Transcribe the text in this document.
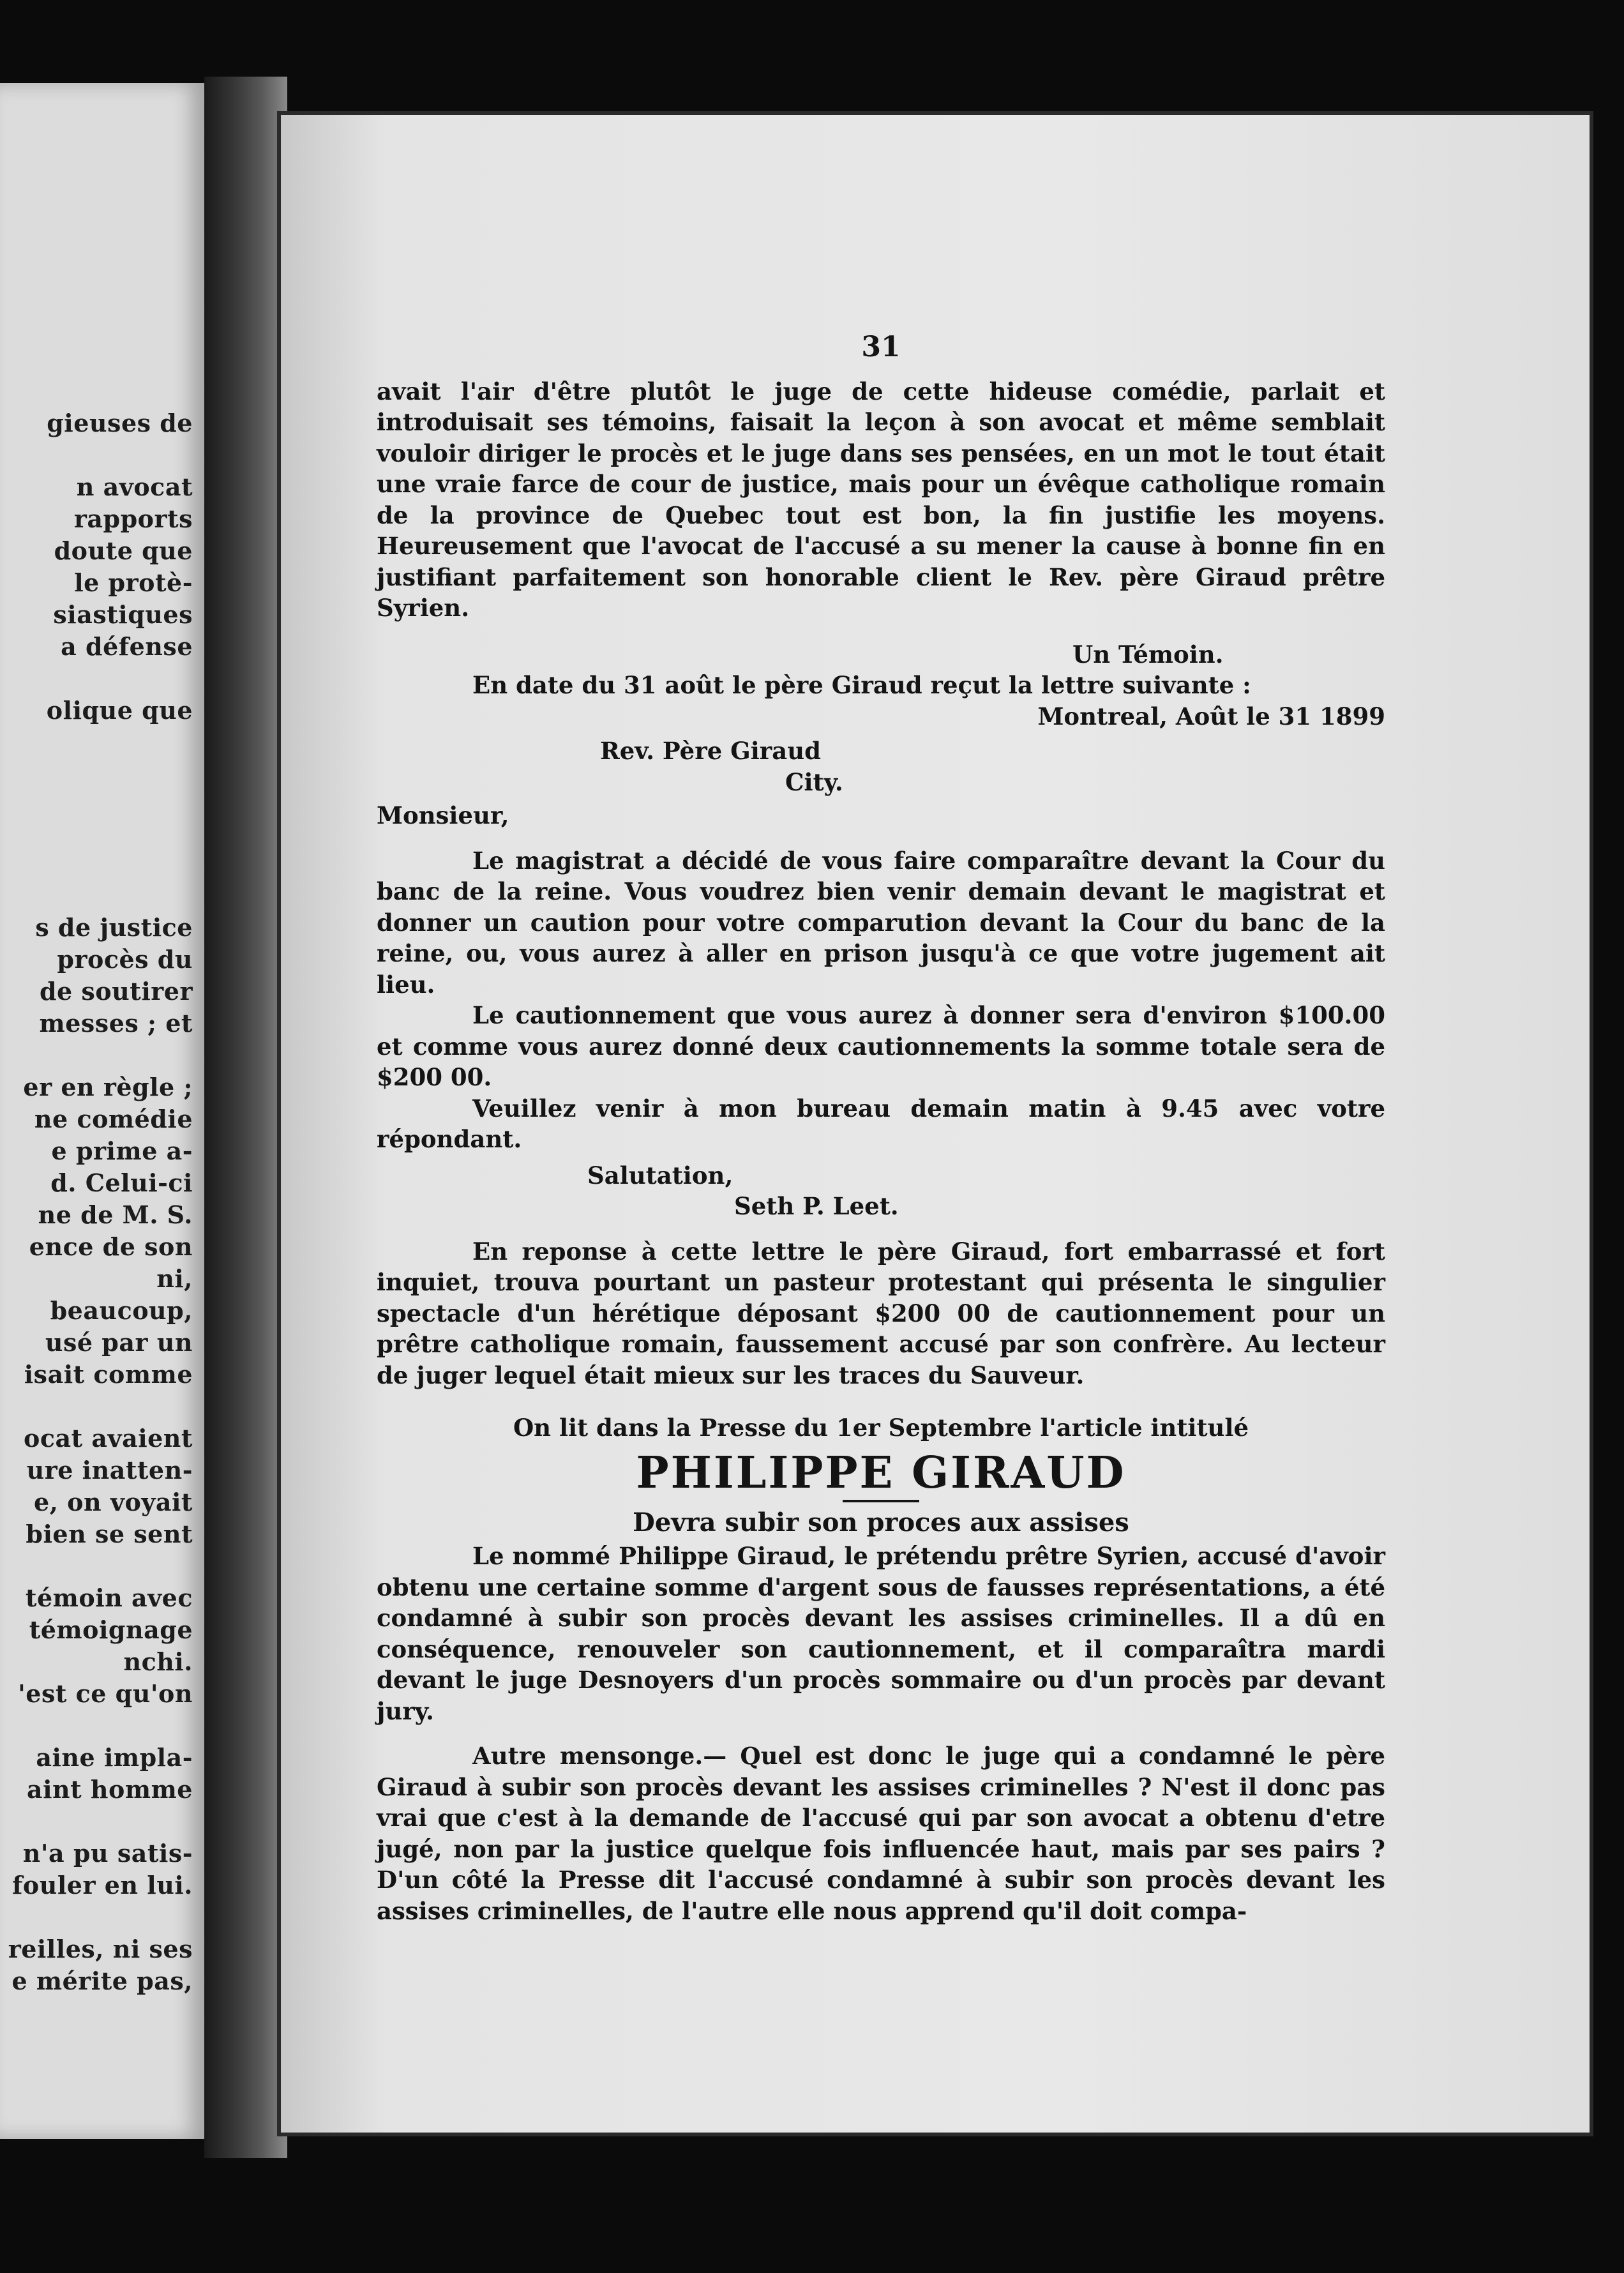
gieuses de
n avocat
rapports
doute que
le protè-
siastiques
a défense
olique que
s de justice
procès du
de soutirer
messes ; et
er en règle ;
ne comédie
e prime a-
d. Celui-ci
ne de M. S.
ence de son
ni,
beaucoup,
usé par un
isait comme
ocat avaient
ure inatten-
e, on voyait
bien se sent
témoin avec
témoignage
nchi.
'est ce qu'on
aine impla-
aint homme
n'a pu satis-
fouler en lui.
reilles, ni ses
e mérite pas,
31

avait l'air d'être plutôt le juge de cette hideuse comédie, parlait et introduisait ses témoins, faisait la leçon à son avocat et même semblait vouloir diriger le procès et le juge dans ses pensées, en un mot le tout était une vraie farce de cour de justice, mais pour un évêque catholique romain de la province de Quebec tout est bon, la fin justifie les moyens. Heureusement que l'avocat de l'accusé a su mener la cause à bonne fin en justifiant parfaitement son honorable client le Rev. père Giraud prêtre Syrien.

Un Témoin.

En date du 31 août le père Giraud reçut la lettre suivante :

Montreal, Août le 31 1899
Rev. Père Giraud
City.
Monsieur,

Le magistrat a décidé de vous faire comparaître devant la Cour du banc de la reine. Vous voudrez bien venir demain devant le magistrat et donner un caution pour votre comparution devant la Cour du banc de la reine, ou, vous aurez à aller en prison jusqu'à ce que votre jugement ait lieu.

Le cautionnement que vous aurez à donner sera d'environ $100.00 et comme vous aurez donné deux cautionnements la somme totale sera de $200 00.

Veuillez venir à mon bureau demain matin à 9.45 avec votre répondant.

Salutation,
Seth P. Leet.

En reponse à cette lettre le père Giraud, fort embarrassé et fort inquiet, trouva pourtant un pasteur protestant qui présenta le singulier spectacle d'un hérétique déposant $200 00 de cautionnement pour un prêtre catholique romain, faussement accusé par son confrère. Au lecteur de juger lequel était mieux sur les traces du Sauveur.

On lit dans la Presse du 1er Septembre l'article intitulé
PHILIPPE GIRAUD
Devra subir son proces aux assises

Le nommé Philippe Giraud, le prétendu prêtre Syrien, accusé d'avoir obtenu une certaine somme d'argent sous de fausses représentations, a été condamné à subir son procès devant les assises criminelles. Il a dû en conséquence, renouveler son cautionnement, et il comparaîtra mardi devant le juge Desnoyers d'un procès sommaire ou d'un procès par devant jury.

Autre mensonge.— Quel est donc le juge qui a condamné le père Giraud à subir son procès devant les assises criminelles ? N'est il donc pas vrai que c'est à la demande de l'accusé qui par son avocat a obtenu d'etre jugé, non par la justice quelque fois influencée haut, mais par ses pairs ? D'un côté la Presse dit l'accusé condamné à subir son procès devant les assises criminelles, de l'autre elle nous apprend qu'il doit compa-
